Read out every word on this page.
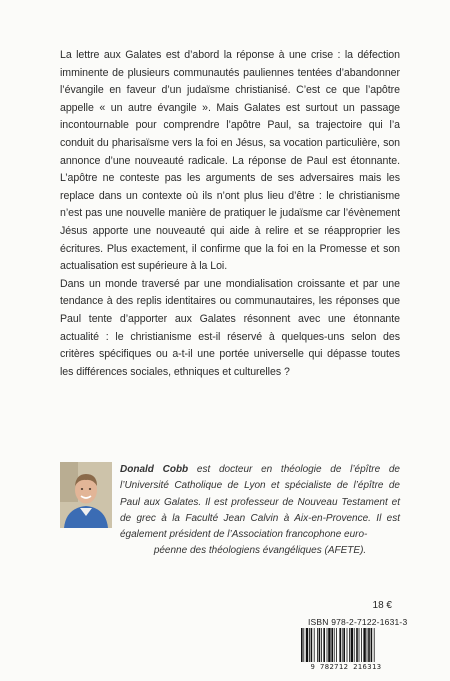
La lettre aux Galates est d’abord la réponse à une crise : la défection imminente de plusieurs communautés pauliennes tentées d’abandonner l’évangile en faveur d’un judaïsme christianisé. C’est ce que l’apôtre appelle « un autre évangile ». Mais Galates est surtout un passage incontournable pour comprendre l’apôtre Paul, sa trajectoire qui l’a conduit du pharisaïsme vers la foi en Jésus, sa vocation particulière, son annonce d’une nouveauté radicale. La réponse de Paul est étonnante. L’apôtre ne conteste pas les arguments de ses adversaires mais les replace dans un contexte où ils n’ont plus lieu d’être : le christianisme n’est pas une nouvelle manière de pratiquer le judaïsme car l’évènement Jésus apporte une nouveauté qui aide à relire et se réapproprier les écritures. Plus exactement, il confirme que la foi en la Promesse et son actualisation est supérieure à la Loi.

Dans un monde traversé par une mondialisation croissante et par une tendance à des replis identitaires ou communautaires, les réponses que Paul tente d’apporter aux Galates résonnent avec une étonnante actualité : le christianisme est-il réservé à quelques-uns selon des critères spécifiques ou a-t-il une portée universelle qui dépasse toutes les différences sociales, ethniques et culturelles ?

Donald Cobb est docteur en théologie de l’épître de l’Université Catholique de Lyon et spécialiste de l’épître de Paul aux Galates. Il est professeur de Nouveau Testament et de grec à la Faculté Jean Calvin à Aix-en-Provence. Il est également président de l’Association francophone euro-
péenne des théologiens évangéliques (AFETE).

18 €
ISBN 978-2-7122-1631-3
9 782712 216313
